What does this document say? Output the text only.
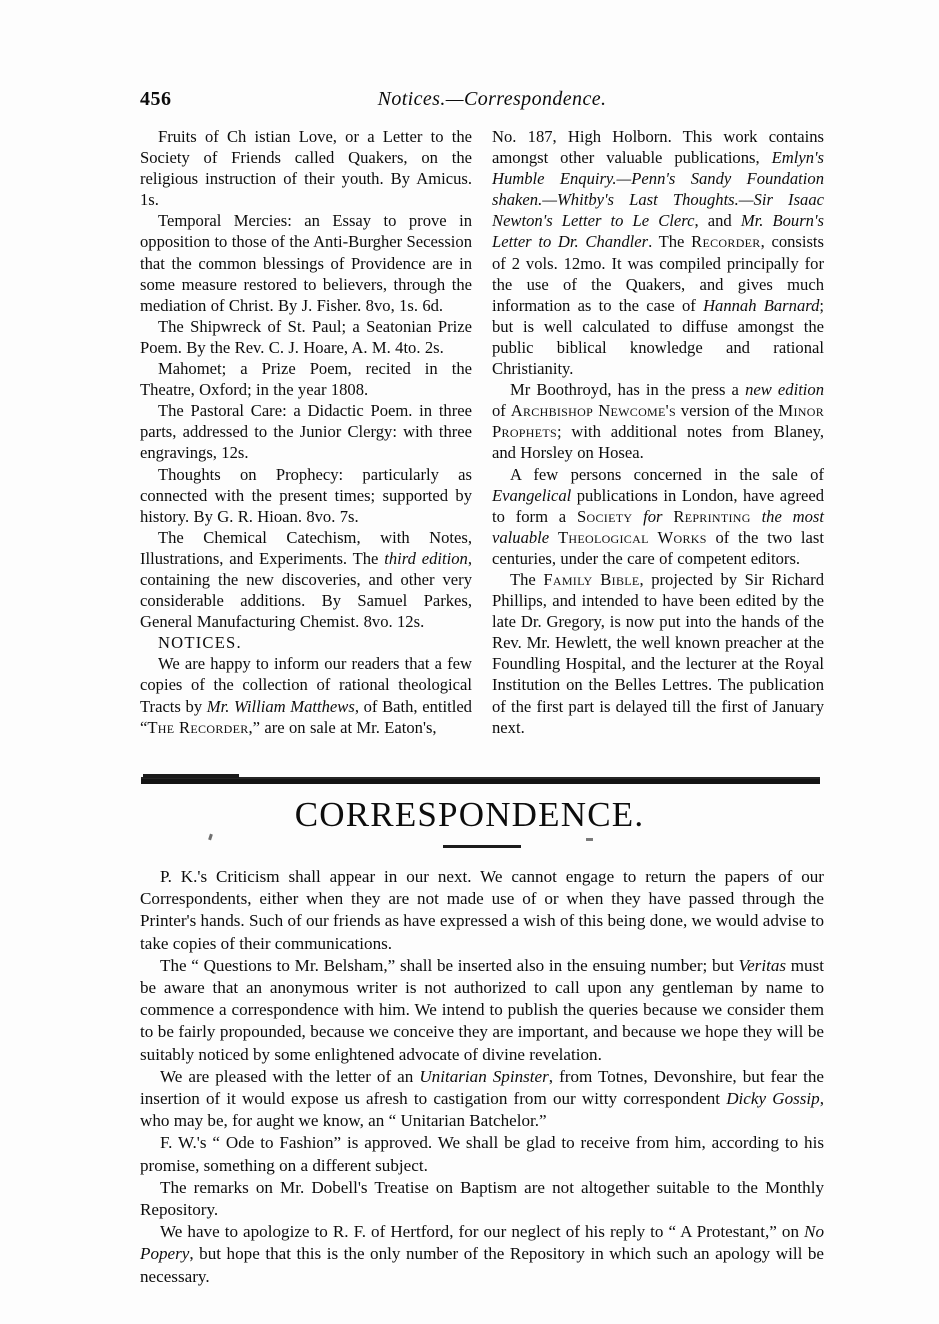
456	Notices.—Correspondence.

Fruits of Ch istian Love, or a Letter to the Society of Friends called Quakers, on the religious instruction of their youth. By Amicus. 1s.

Temporal Mercies: an Essay to prove in opposition to those of the Anti-Burgher Secession that the common blessings of Providence are in some measure restored to believers, through the mediation of Christ. By J. Fisher. 8vo, 1s. 6d.

The Shipwreck of St. Paul; a Seatonian Prize Poem. By the Rev. C. J. Hoare, A. M. 4to. 2s.

Mahomet; a Prize Poem, recited in the Theatre, Oxford; in the year 1808.

The Pastoral Care: a Didactic Poem. in three parts, addressed to the Junior Clergy: with three engravings, 12s.

Thoughts on Prophecy: particularly as connected with the present times; supported by history. By G. R. Hioan. 8vo. 7s.

The Chemical Catechism, with Notes, Illustrations, and Experiments. The third edition, containing the new discoveries, and other very considerable additions. By Samuel Parkes, General Manufacturing Chemist. 8vo. 12s.

NOTICES.

We are happy to inform our readers that a few copies of the collection of rational theological Tracts by Mr. William Matthews, of Bath, entitled “The Recorder,” are on sale at Mr. Eaton's,

No. 187, High Holborn. This work contains amongst other valuable publications, Emlyn's Humble Enquiry.—Penn's Sandy Foundation shaken.—Whitby's Last Thoughts.—Sir Isaac Newton's Letter to Le Clerc, and Mr. Bourn's Letter to Dr. Chandler. The Recorder, consists of 2 vols. 12mo. It was compiled principally for the use of the Quakers, and gives much information as to the case of Hannah Barnard; but is well calculated to diffuse amongst the public biblical knowledge and rational Christianity.

Mr Boothroyd, has in the press a new edition of Archbishop Newcome's version of the Minor Prophets; with additional notes from Blaney, and Horsley on Hosea.

A few persons concerned in the sale of Evangelical publications in London, have agreed to form a Society for Reprinting the most valuable Theological Works of the two last centuries, under the care of competent editors.

The Family Bible, projected by Sir Richard Phillips, and intended to have been edited by the late Dr. Gregory, is now put into the hands of the Rev. Mr. Hewlett, the well known preacher at the Foundling Hospital, and the lecturer at the Royal Institution on the Belles Lettres. The publication of the first part is delayed till the first of January next.

CORRESPONDENCE.

P. K.'s Criticism shall appear in our next. We cannot engage to return the papers of our Correspondents, either when they are not made use of or when they have passed through the Printer's hands. Such of our friends as have expressed a wish of this being done, we would advise to take copies of their communications.

The “ Questions to Mr. Belsham,” shall be inserted also in the ensuing number; but Veritas must be aware that an anonymous writer is not authorized to call upon any gentleman by name to commence a correspondence with him. We intend to publish the queries because we consider them to be fairly propounded, because we conceive they are important, and because we hope they will be suitably noticed by some enlightened advocate of divine revelation.

We are pleased with the letter of an Unitarian Spinster, from Totnes, Devonshire, but fear the insertion of it would expose us afresh to castigation from our witty correspondent Dicky Gossip, who may be, for aught we know, an “ Unitarian Batchelor.”

F. W.'s “ Ode to Fashion” is approved. We shall be glad to receive from him, according to his promise, something on a different subject.

The remarks on Mr. Dobell's Treatise on Baptism are not altogether suitable to the Monthly Repository.

We have to apologize to R. F. of Hertford, for our neglect of his reply to “ A Protestant,” on No Popery, but hope that this is the only number of the Repository in which such an apology will be necessary.
